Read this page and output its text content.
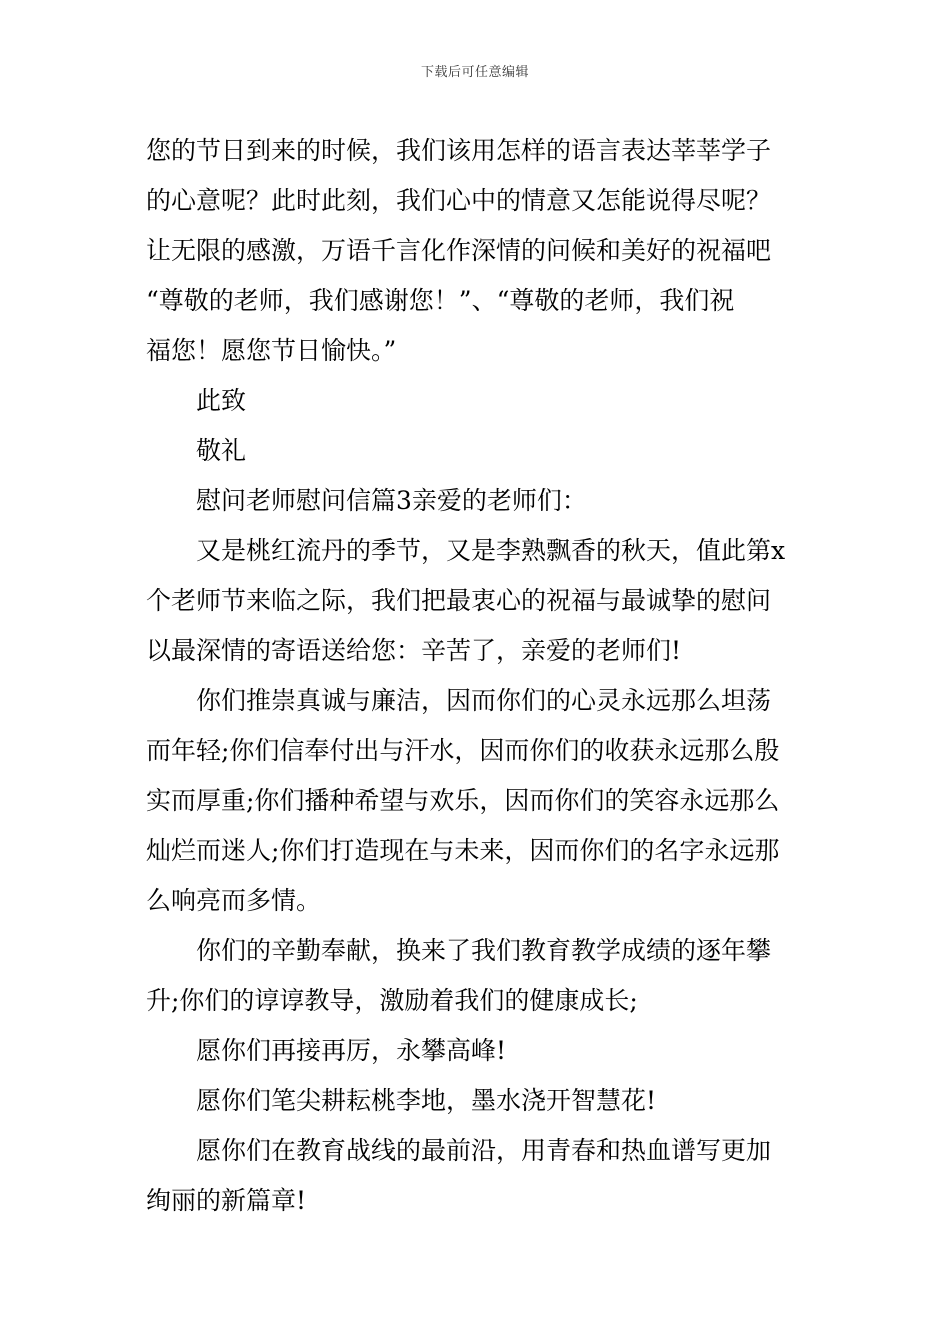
下载后可任意编辑
您的节日到来的时候，我们该用怎样的语言表达莘莘学子
的心意呢？此时此刻，我们心中的情意又怎能说得尽呢？
让无限的感激，万语千言化作深情的问候和美好的祝福吧
“尊敬的老师，我们感谢您！”、“尊敬的老师，我们祝
福您！愿您节日愉快。”
此致
敬礼
慰问老师慰问信篇3亲爱的老师们：
又是桃红流丹的季节，又是李熟飘香的秋天，值此第x
个老师节来临之际，我们把最衷心的祝福与最诚挚的慰问
以最深情的寄语送给您：辛苦了，亲爱的老师们!
你们推崇真诚与廉洁，因而你们的心灵永远那么坦荡
而年轻;你们信奉付出与汗水，因而你们的收获永远那么殷
实而厚重;你们播种希望与欢乐，因而你们的笑容永远那么
灿烂而迷人;你们打造现在与未来，因而你们的名字永远那
么响亮而多情。
你们的辛勤奉献，换来了我们教育教学成绩的逐年攀
升;你们的谆谆教导，激励着我们的健康成长;
愿你们再接再厉，永攀高峰!
愿你们笔尖耕耘桃李地，墨水浇开智慧花!
愿你们在教育战线的最前沿，用青春和热血谱写更加
绚丽的新篇章!
